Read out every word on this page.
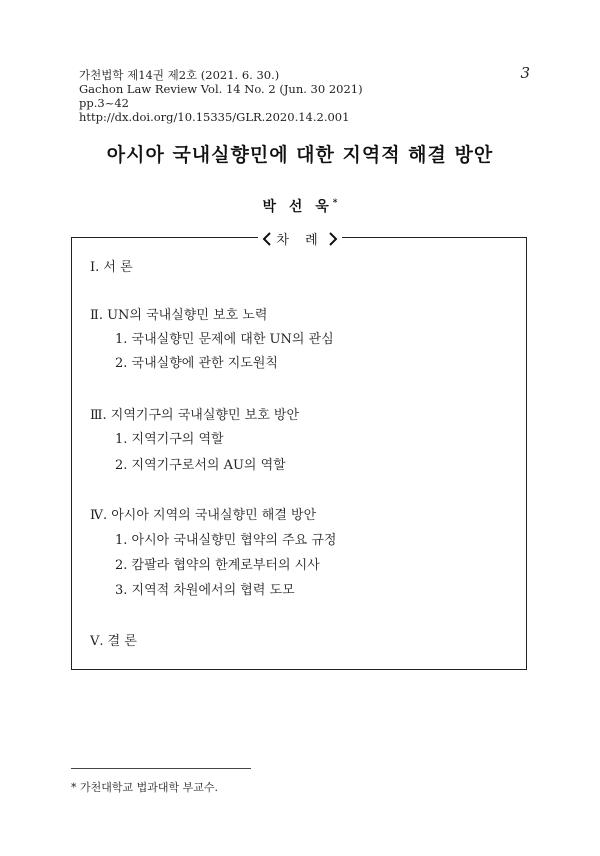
가천법학 제14권 제2호 (2021. 6. 30.)
Gachon Law Review Vol. 14 No. 2 (Jun. 30 2021)
pp.3~42
http://dx.doi.org/10.15335/GLR.2020.14.2.001
3
아시아 국내실향민에 대한 지역적 해결 방안
박 선 욱*
차 례
Ⅰ. 서 론
Ⅱ. UN의 국내실향민 보호 노력
1. 국내실향민 문제에 대한 UN의 관심
2. 국내실향에 관한 지도원칙
Ⅲ. 지역기구의 국내실향민 보호 방안
1. 지역기구의 역할
2. 지역기구로서의 AU의 역할
Ⅳ. 아시아 지역의 국내실향민 해결 방안
1. 아시아 국내실향민 협약의 주요 규정
2. 캄팔라 협약의 한계로부터의 시사
3. 지역적 차원에서의 협력 도모
Ⅴ. 결 론
* 가천대학교 법과대학 부교수.
